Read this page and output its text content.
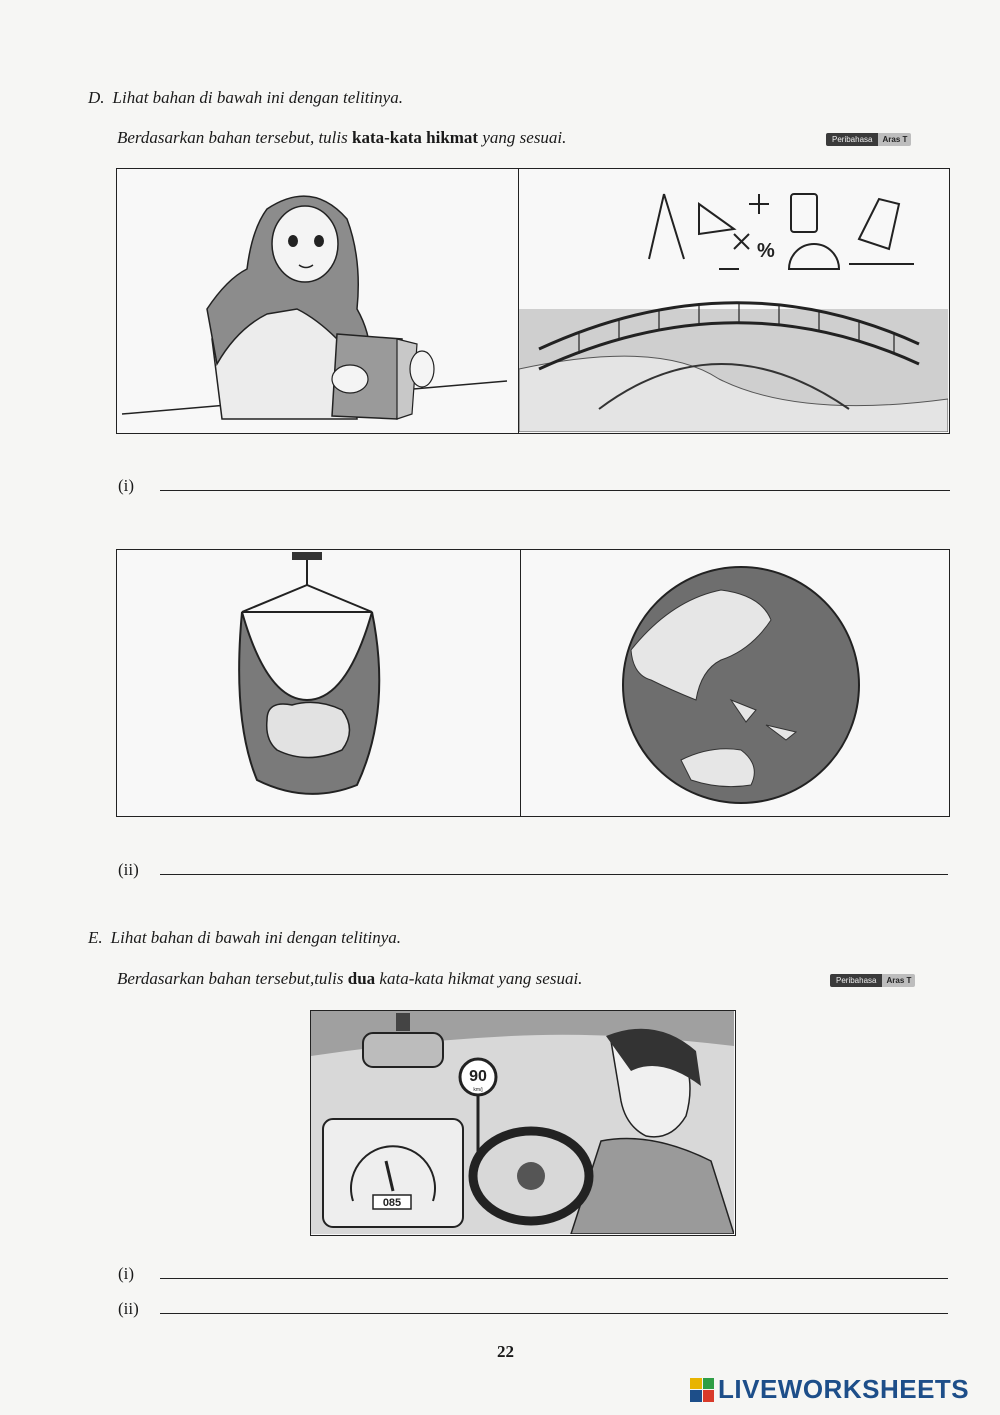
D. Lihat bahan di bawah ini dengan telitinya.
Berdasarkan bahan tersebut, tulis kata-kata hikmat yang sesuai.	Peribahasa	Aras T
%
(i)
(ii)
E. Lihat bahan di bawah ini dengan telitinya.
Berdasarkan bahan tersebut,tulis dua kata-kata hikmat yang sesuai.	Peribahasa	Aras T
90
km/j
085
(i)
(ii)
22
LIVEWORKSHEETS
